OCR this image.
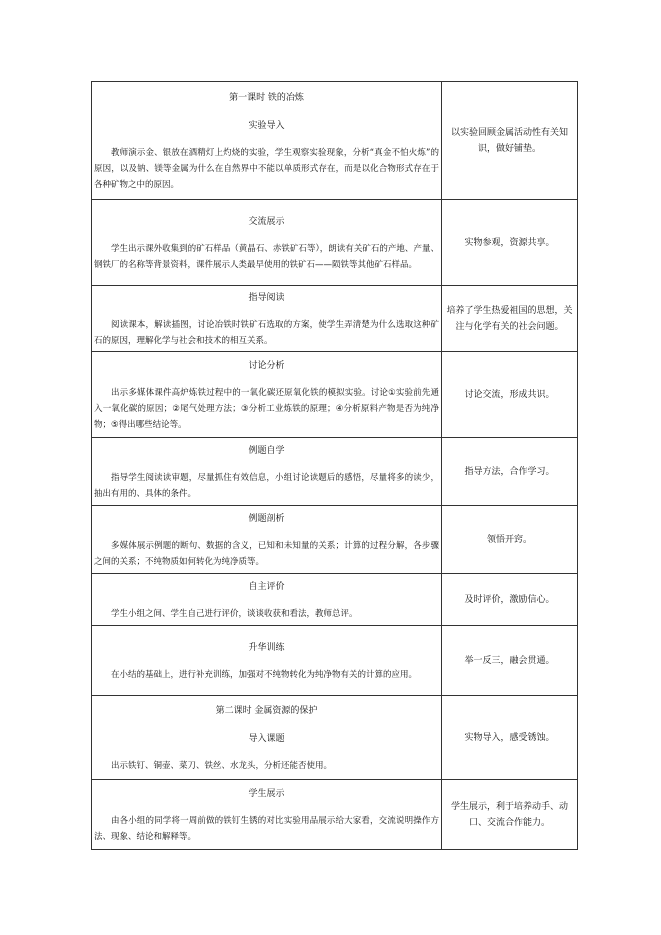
第一课时 铁的冶炼

实验导入

教师演示金、银放在酒精灯上灼烧的实验，学生观察实验现象，分析“真金不怕火炼”的原因，以及钠、镁等金属为什么在自然界中不能以单质形式存在，而是以化合物形式存在于各种矿物之中的原因。	以实验回顾金属活动性有关知识，做好铺垫。

交流展示

学生出示课外收集到的矿石样品（黄晶石、赤铁矿石等），朗读有关矿石的产地、产量、钢铁厂的名称等背景资料，课件展示人类最早使用的铁矿石——陨铁等其他矿石样品。	实物参观，资源共享。

指导阅读

阅读课本，解读插图，讨论冶铁时铁矿石选取的方案，使学生弄清楚为什么选取这种矿石的原因，理解化学与社会和技术的相互关系。	培养了学生热爱祖国的思想，关注与化学有关的社会问题。

讨论分析

出示多媒体课件高炉炼铁过程中的一氧化碳还原氧化铁的模拟实验。讨论①实验前先通入一氧化碳的原因；②尾气处理方法；③分析工业炼铁的原理；④分析原料产物是否为纯净物；⑤得出哪些结论等。	讨论交流，形成共识。

例题自学

指导学生阅读读审题，尽量抓住有效信息，小组讨论读题后的感悟，尽量将多的读少，抽出有用的、具体的条件。	指导方法，合作学习。

例题剖析

多媒体展示例题的断句、数据的含义，已知和未知量的关系；计算的过程分解，各步骤之间的关系；不纯物质如何转化为纯净质等。	领悟开窍。

自主评价

学生小组之间、学生自己进行评价，谈谈收获和看法，教师总评。	及时评价，激励信心。

升华训练

在小结的基础上，进行补充训练，加强对不纯物转化为纯净物有关的计算的应用。	举一反三，融会贯通。

第二课时 金属资源的保护

导入课题

出示铁钉、铜壶、菜刀、铁丝、水龙头，分析还能否使用。	实物导入，感受锈蚀。

学生展示

由各小组的同学将一周前做的铁钉生锈的对比实验用品展示给大家看，交流说明操作方法、现象、结论和解释等。	学生展示，利于培养动手、动口、交流合作能力。
